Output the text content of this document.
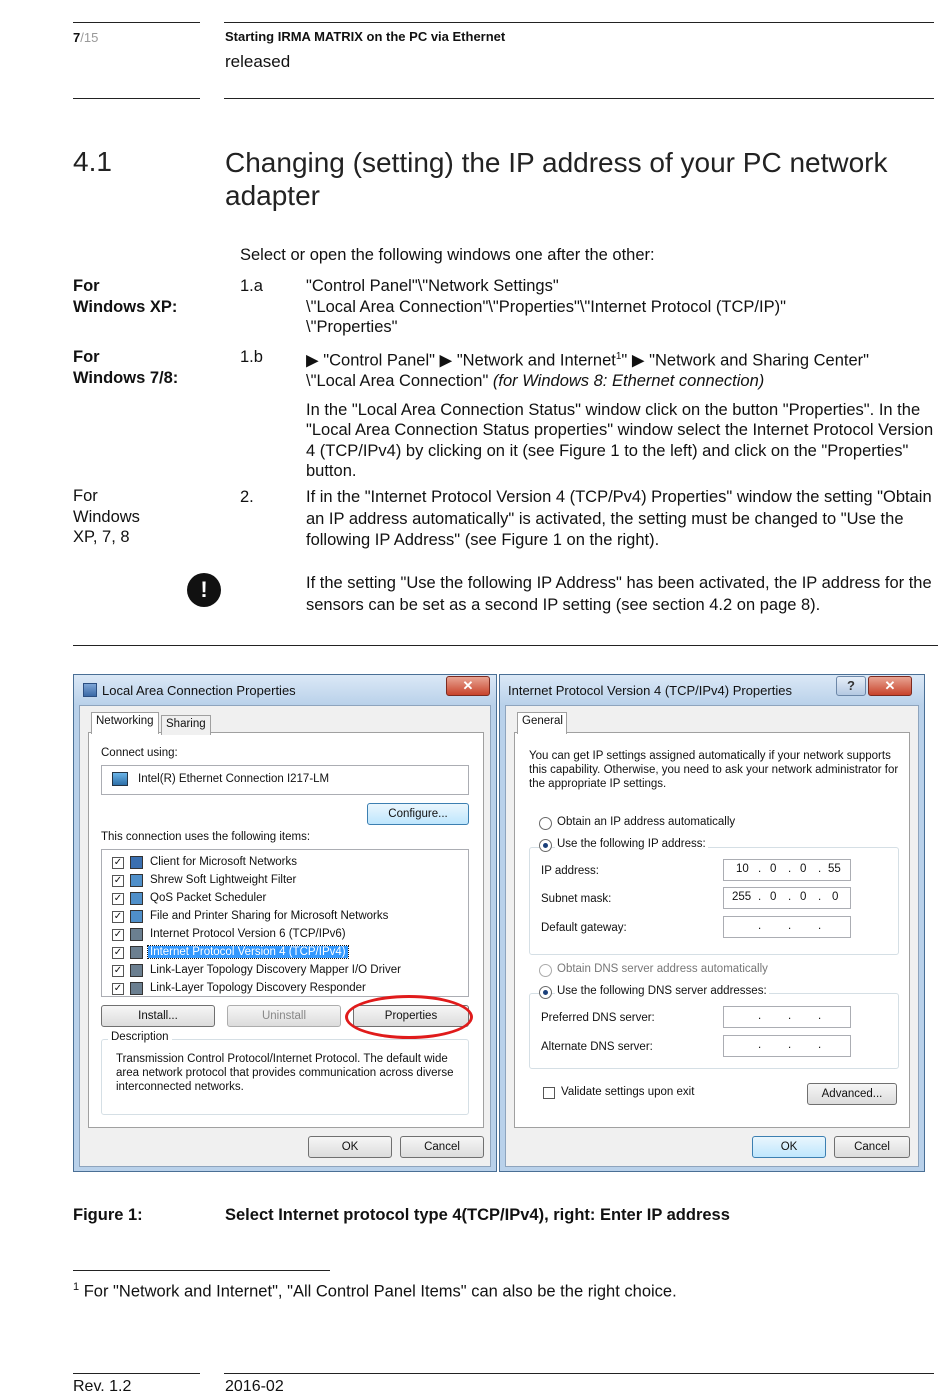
7/15	Starting IRMA MATRIX on the PC via Ethernet
released
4.1	Changing (setting) the IP address of your PC network adapter
Select or open the following windows one after the other:
For
Windows XP:
1.a	"Control Panel"\"Network Settings"
\"Local Area Connection"\"Properties"\"Internet Protocol (TCP/IP)"
\"Properties"
For
Windows 7/8:
1.b	▶ "Control Panel" ▶ "Network and Internet$^1$" ▶ "Network and Sharing Center"
\"Local Area Connection" (for Windows 8: Ethernet connection)
In the "Local Area Connection Status" window click on the button "Properties". In the "Local Area Connection Status properties" window select the Internet Protocol Version 4 (TCP/IPv4) by clicking on it (see Figure 1 to the left) and click on the "Properties" button.
For
Windows
XP, 7, 8
2.	If in the "Internet Protocol Version 4 (TCP/Pv4) Properties" window the setting "Obtain an IP address automatically" is activated, the setting must be changed to "Use the following IP Address" (see Figure 1 on the right).
!	If the setting "Use the following IP Address" has been activated, the IP address for the sensors can be set as a second IP setting (see section 4.2 on page 8).
Local Area Connection Properties	✕
Networking	Sharing
Connect using:
Intel(R) Ethernet Connection I217-LM
Configure...
This connection uses the following items:
✓ Client for Microsoft Networks
✓ Shrew Soft Lightweight Filter
✓ QoS Packet Scheduler
✓ File and Printer Sharing for Microsoft Networks
✓ Internet Protocol Version 6 (TCP/IPv6)
✓ Internet Protocol Version 4 (TCP/IPv4)
✓ Link-Layer Topology Discovery Mapper I/O Driver
✓ Link-Layer Topology Discovery Responder
Install...	Uninstall	Properties
Description
Transmission Control Protocol/Internet Protocol. The default wide area network protocol that provides communication across diverse interconnected networks.
OK	Cancel
Internet Protocol Version 4 (TCP/IPv4) Properties	?	✕
General
You can get IP settings assigned automatically if your network supports this capability. Otherwise, you need to ask your network administrator for the appropriate IP settings.
Obtain an IP address automatically
Use the following IP address:
IP address:	10 . 0 . 0 . 55
Subnet mask:	255 . 0 . 0 . 0
Default gateway:	. . .
Obtain DNS server address automatically
Use the following DNS server addresses:
Preferred DNS server:	. . .
Alternate DNS server:	. . .
Validate settings upon exit	Advanced...
OK	Cancel
Figure 1:	Select Internet protocol type 4(TCP/IPv4), right: Enter IP address
$^1$ For "Network and Internet", "All Control Panel Items" can also be the right choice.
Rev. 1.2	2016-02
